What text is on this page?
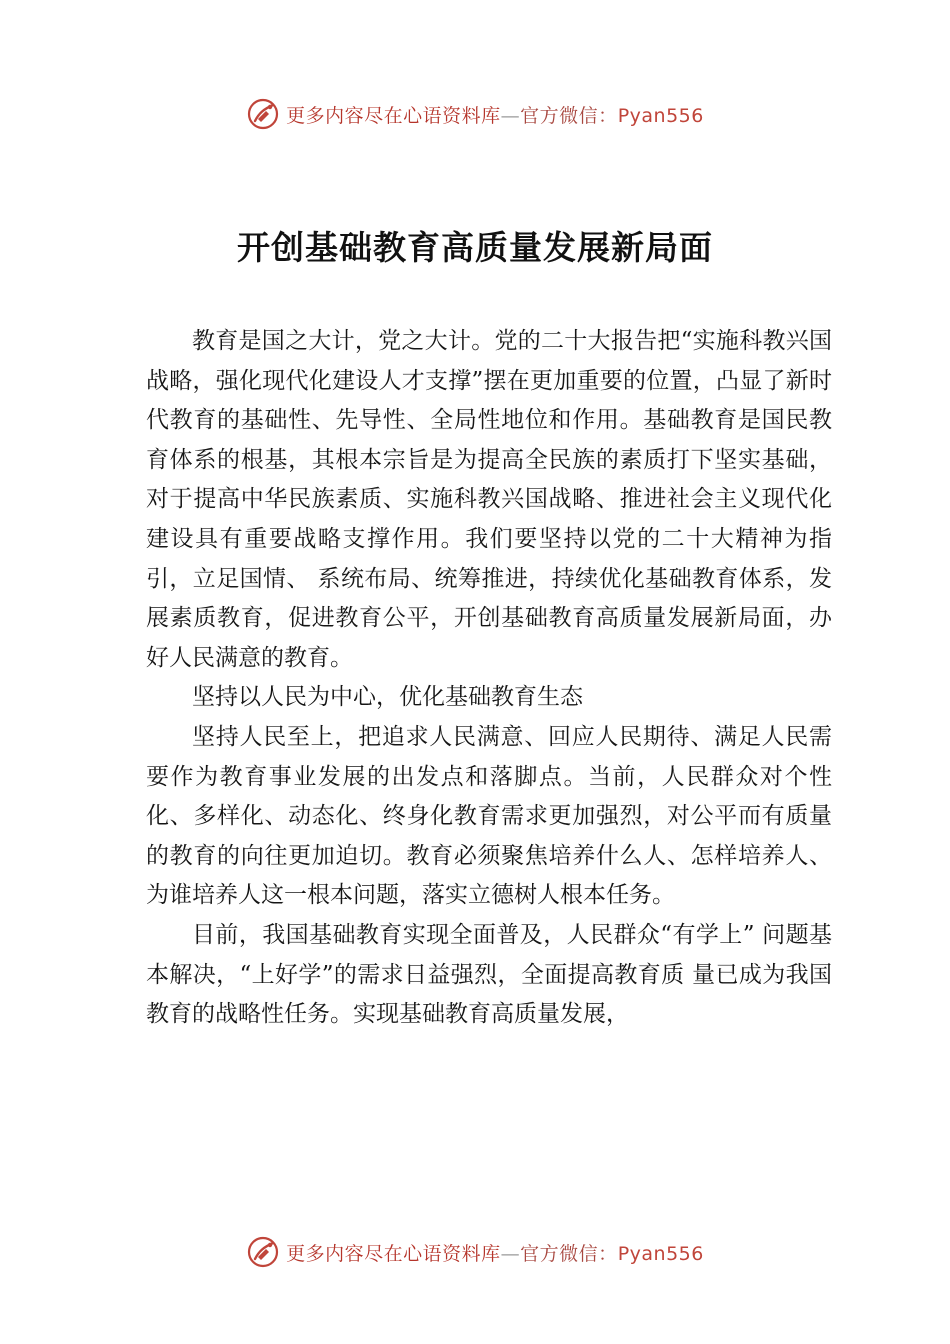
更多内容尽在心语资料库—官方微信：Pyan556
开创基础教育高质量发展新局面

教育是国之大计，党之大计。党的二十大报告把“实施科教兴国战略，强化现代化建设人才支撑”摆在更加重要的位置，凸显了新时代教育的基础性、先导性、全局性地位和作用。基础教育是国民教育体系的根基，其根本宗旨是为提高全民族的素质打下坚实基础，对于提高中华民族素质、实施科教兴国战略、推进社会主义现代化建设具有重要战略支撑作用。我们要坚持以党的二十大精神为指引，立足国情、 系统布局、统筹推进，持续优化基础教育体系，发展素质教育，促进教育公平，开创基础教育高质量发展新局面，办好人民满意的教育。

坚持以人民为中心，优化基础教育生态

坚持人民至上，把追求人民满意、回应人民期待、满足人民需要作为教育事业发展的出发点和落脚点。当前，人民群众对个性化、多样化、动态化、终身化教育需求更加强烈，对公平而有质量的教育的向往更加迫切。教育必须聚焦培养什么人、怎样培养人、为谁培养人这一根本问题，落实立德树人根本任务。

目前，我国基础教育实现全面普及，人民群众“有学上” 问题基本解决，“上好学”的需求日益强烈，全面提高教育质 量已成为我国教育的战略性任务。实现基础教育高质量发展，

更多内容尽在心语资料库—官方微信：Pyan556
